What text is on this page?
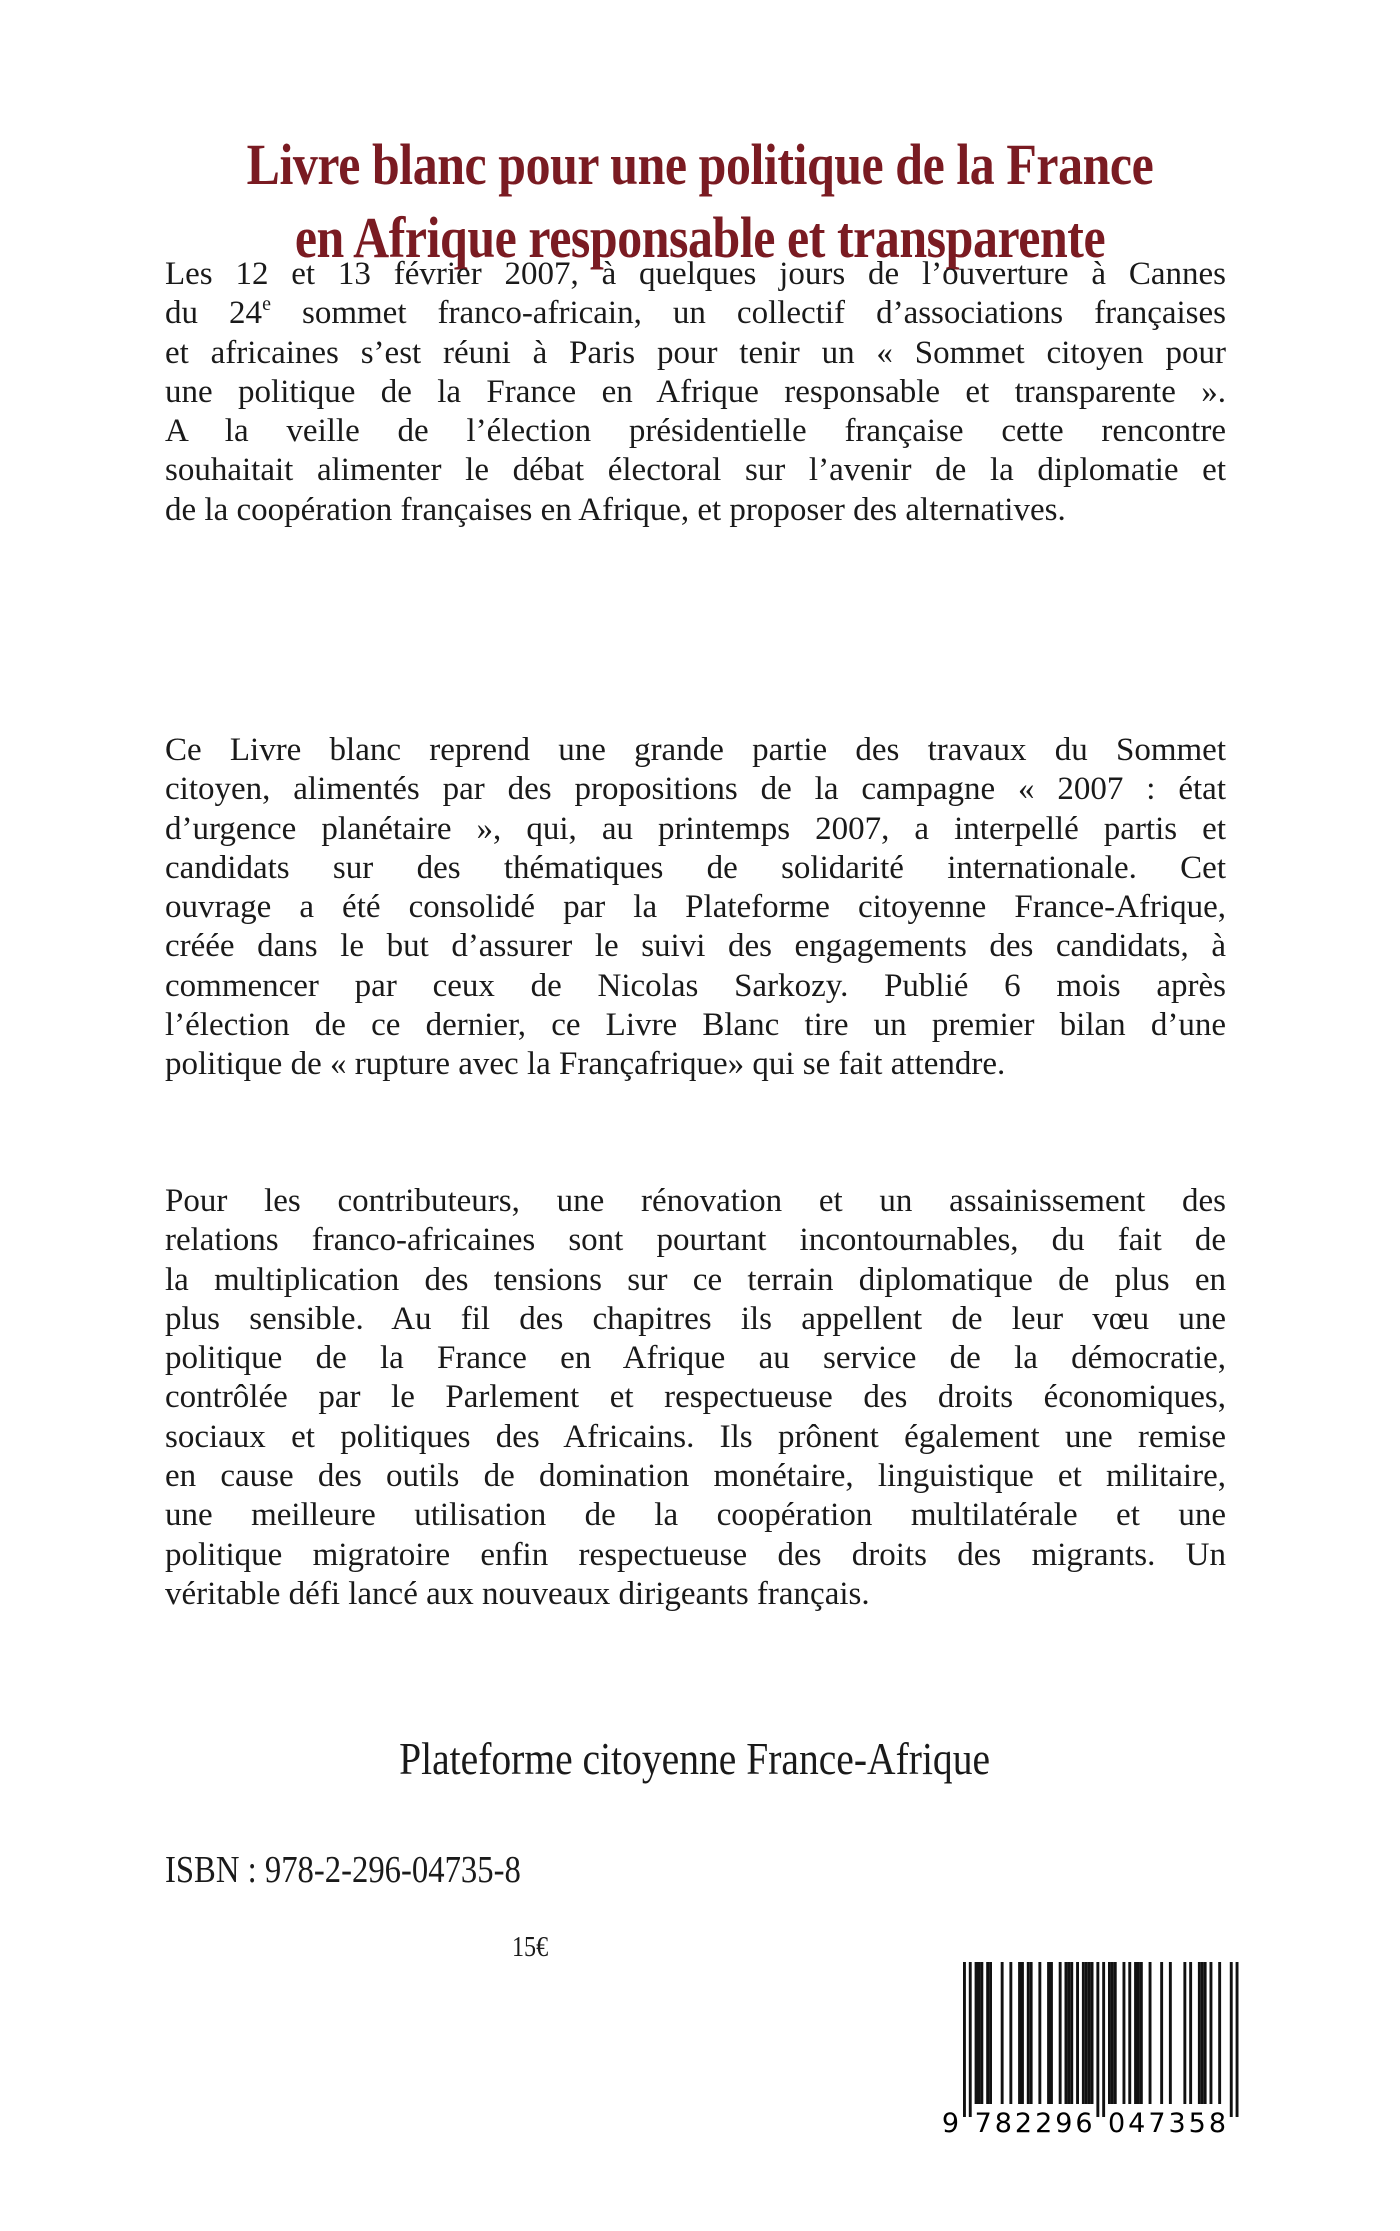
Livre blanc pour une politique de la France
en Afrique responsable et transparente
Les 12 et 13 février 2007, à quelques jours de l’ouverture à Cannes
du 24e sommet franco-africain, un collectif d’associations françaises
et africaines s’est réuni à Paris pour tenir un « Sommet citoyen pour
une politique de la France en Afrique responsable et transparente ».
A la veille de l’élection présidentielle française cette rencontre
souhaitait alimenter le débat électoral sur l’avenir de la diplomatie et
de la coopération françaises en Afrique, et proposer des alternatives.
Ce Livre blanc reprend une grande partie des travaux du Sommet
citoyen, alimentés par des propositions de la campagne « 2007 : état
d’urgence planétaire », qui, au printemps 2007, a interpellé partis et
candidats sur des thématiques de solidarité internationale. Cet
ouvrage a été consolidé par la Plateforme citoyenne France-Afrique,
créée dans le but d’assurer le suivi des engagements des candidats, à
commencer par ceux de Nicolas Sarkozy. Publié 6 mois après
l’élection de ce dernier, ce Livre Blanc tire un premier bilan d’une
politique de « rupture avec la Françafrique» qui se fait attendre.
Pour les contributeurs, une rénovation et un assainissement des
relations franco-africaines sont pourtant incontournables, du fait de
la multiplication des tensions sur ce terrain diplomatique de plus en
plus sensible. Au fil des chapitres ils appellent de leur vœu une
politique de la France en Afrique au service de la démocratie,
contrôlée par le Parlement et respectueuse des droits économiques,
sociaux et politiques des Africains. Ils prônent également une remise
en cause des outils de domination monétaire, linguistique et militaire,
une meilleure utilisation de la coopération multilatérale et une
politique migratoire enfin respectueuse des droits des migrants. Un
véritable défi lancé aux nouveaux dirigeants français.
Plateforme citoyenne France-Afrique
ISBN : 978-2-296-04735-8
15€
9 782296 047358
